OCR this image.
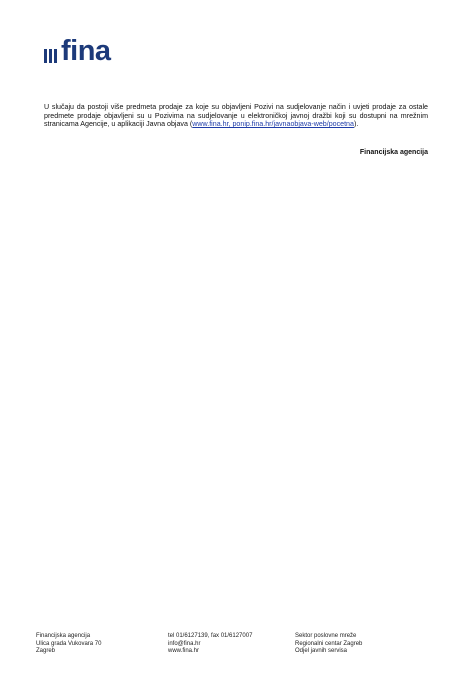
fina
U slučaju da postoji više predmeta prodaje za koje su objavljeni Pozivi na sudjelovanje način i uvjeti prodaje za ostale predmete prodaje objavljeni su u Pozivima na sudjelovanje u elektroničkoj javnoj dražbi koji su dostupni na mrežnim stranicama Agencije, u aplikaciji Javna objava (www.fina.hr, ponip.fina.hr/javnaobjava-web/pocetna).
Financijska agencija
Financijska agencija
Ulica grada Vukovara 70
Zagreb
tel 01/6127139, fax 01/6127007
info@fina.hr
www.fina.hr
Sektor poslovne mreže
Regionalni centar Zagreb
Odjel javnih servisa
